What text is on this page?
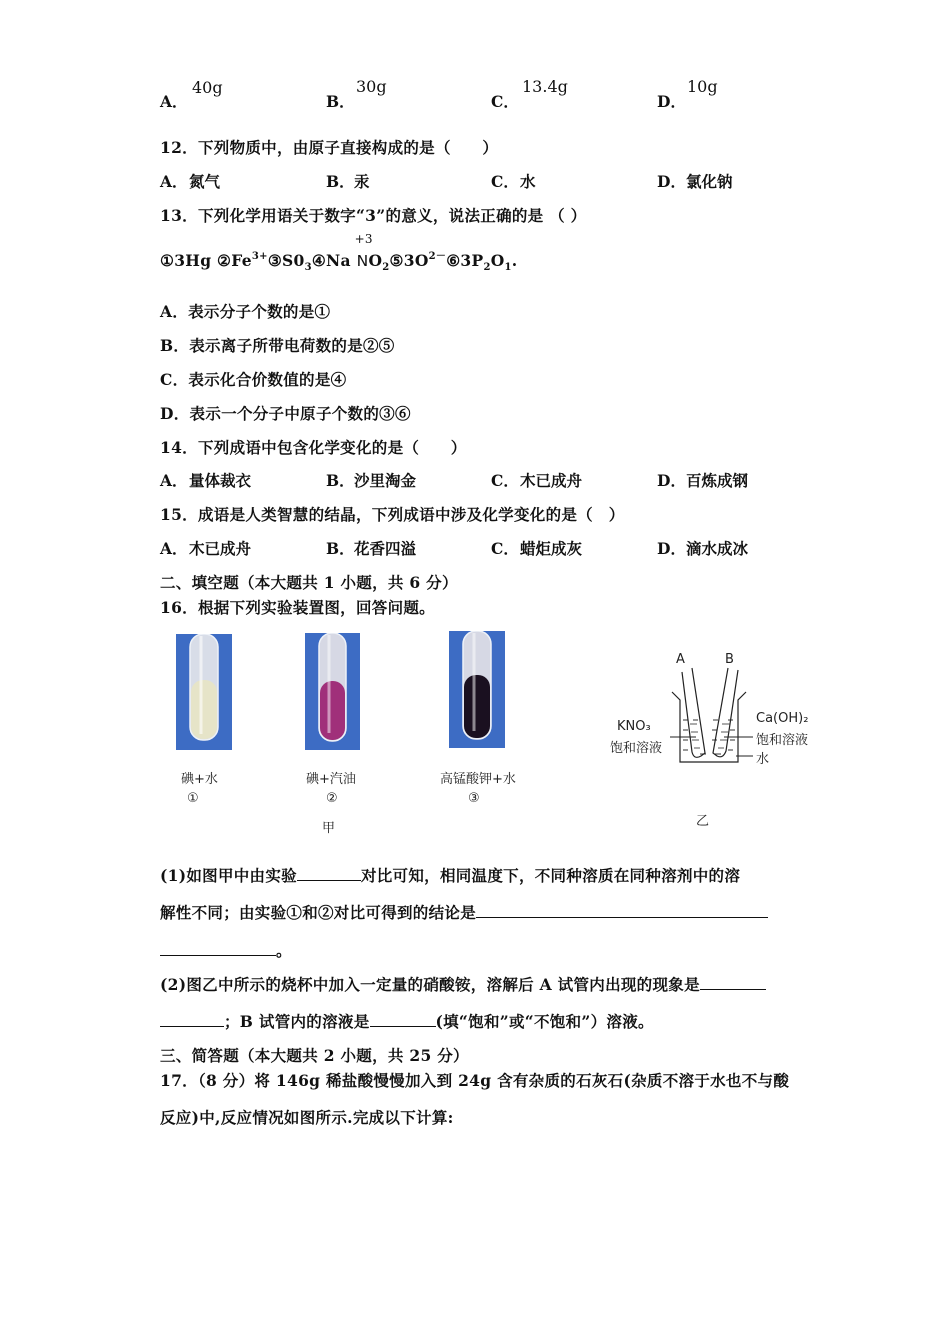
A．
40g
B．
30g
C．
13.4g
D．
10g
12．下列物质中，由原子直接构成的是（　　）
A． 氮气	B． 汞	C． 水	D． 氯化钠
13．下列化学用语关于数字“3”的意义，说法正确的是 （ ）
①3Hg $②Fe^{3+}③S0_3④Na$
+3
$NO_2⑤3O^{2-}⑥3P_2O_1$.
A．表示分子个数的是①
B．表示离子所带电荷数的是②⑤
C．表示化合价数值的是④
D．表示一个分子中原子个数的③⑥
14．下列成语中包含化学变化的是（　　）
A． 量体裁衣	B． 沙里淘金	C． 木已成舟	D． 百炼成钢
15．成语是人类智慧的结晶，下列成语中涉及化学变化的是（　）
A． 木已成舟	B． 花香四溢	C． 蜡炬成灰	D． 滴水成冰
二、填空题（本大题共 1 小题，共 6 分）
16．根据下列实验装置图，回答问题。
碘+水
①
碘+汽油
②
高锰酸钾+水
③
甲
A	B
KNO₃
饱和溶液
Ca(OH)₂
饱和溶液
水
乙
(1)如图甲中由实验	对比可知，相同温度下，不同种溶质在同种溶剂中的溶
解性不同；由实验①和②对比可得到的结论是
。
(2)图乙中所示的烧杯中加入一定量的硝酸铵，溶解后 A 试管内出现的现象是
；B 试管内的溶液是	(填“饱和”或“不饱和”）溶液。
三、简答题（本大题共 2 小题，共 25 分）
17．（8 分）将 146g 稀盐酸慢慢加入到 24g 含有杂质的石灰石(杂质不溶于水也不与酸
反应)中,反应情况如图所示.完成以下计算:
